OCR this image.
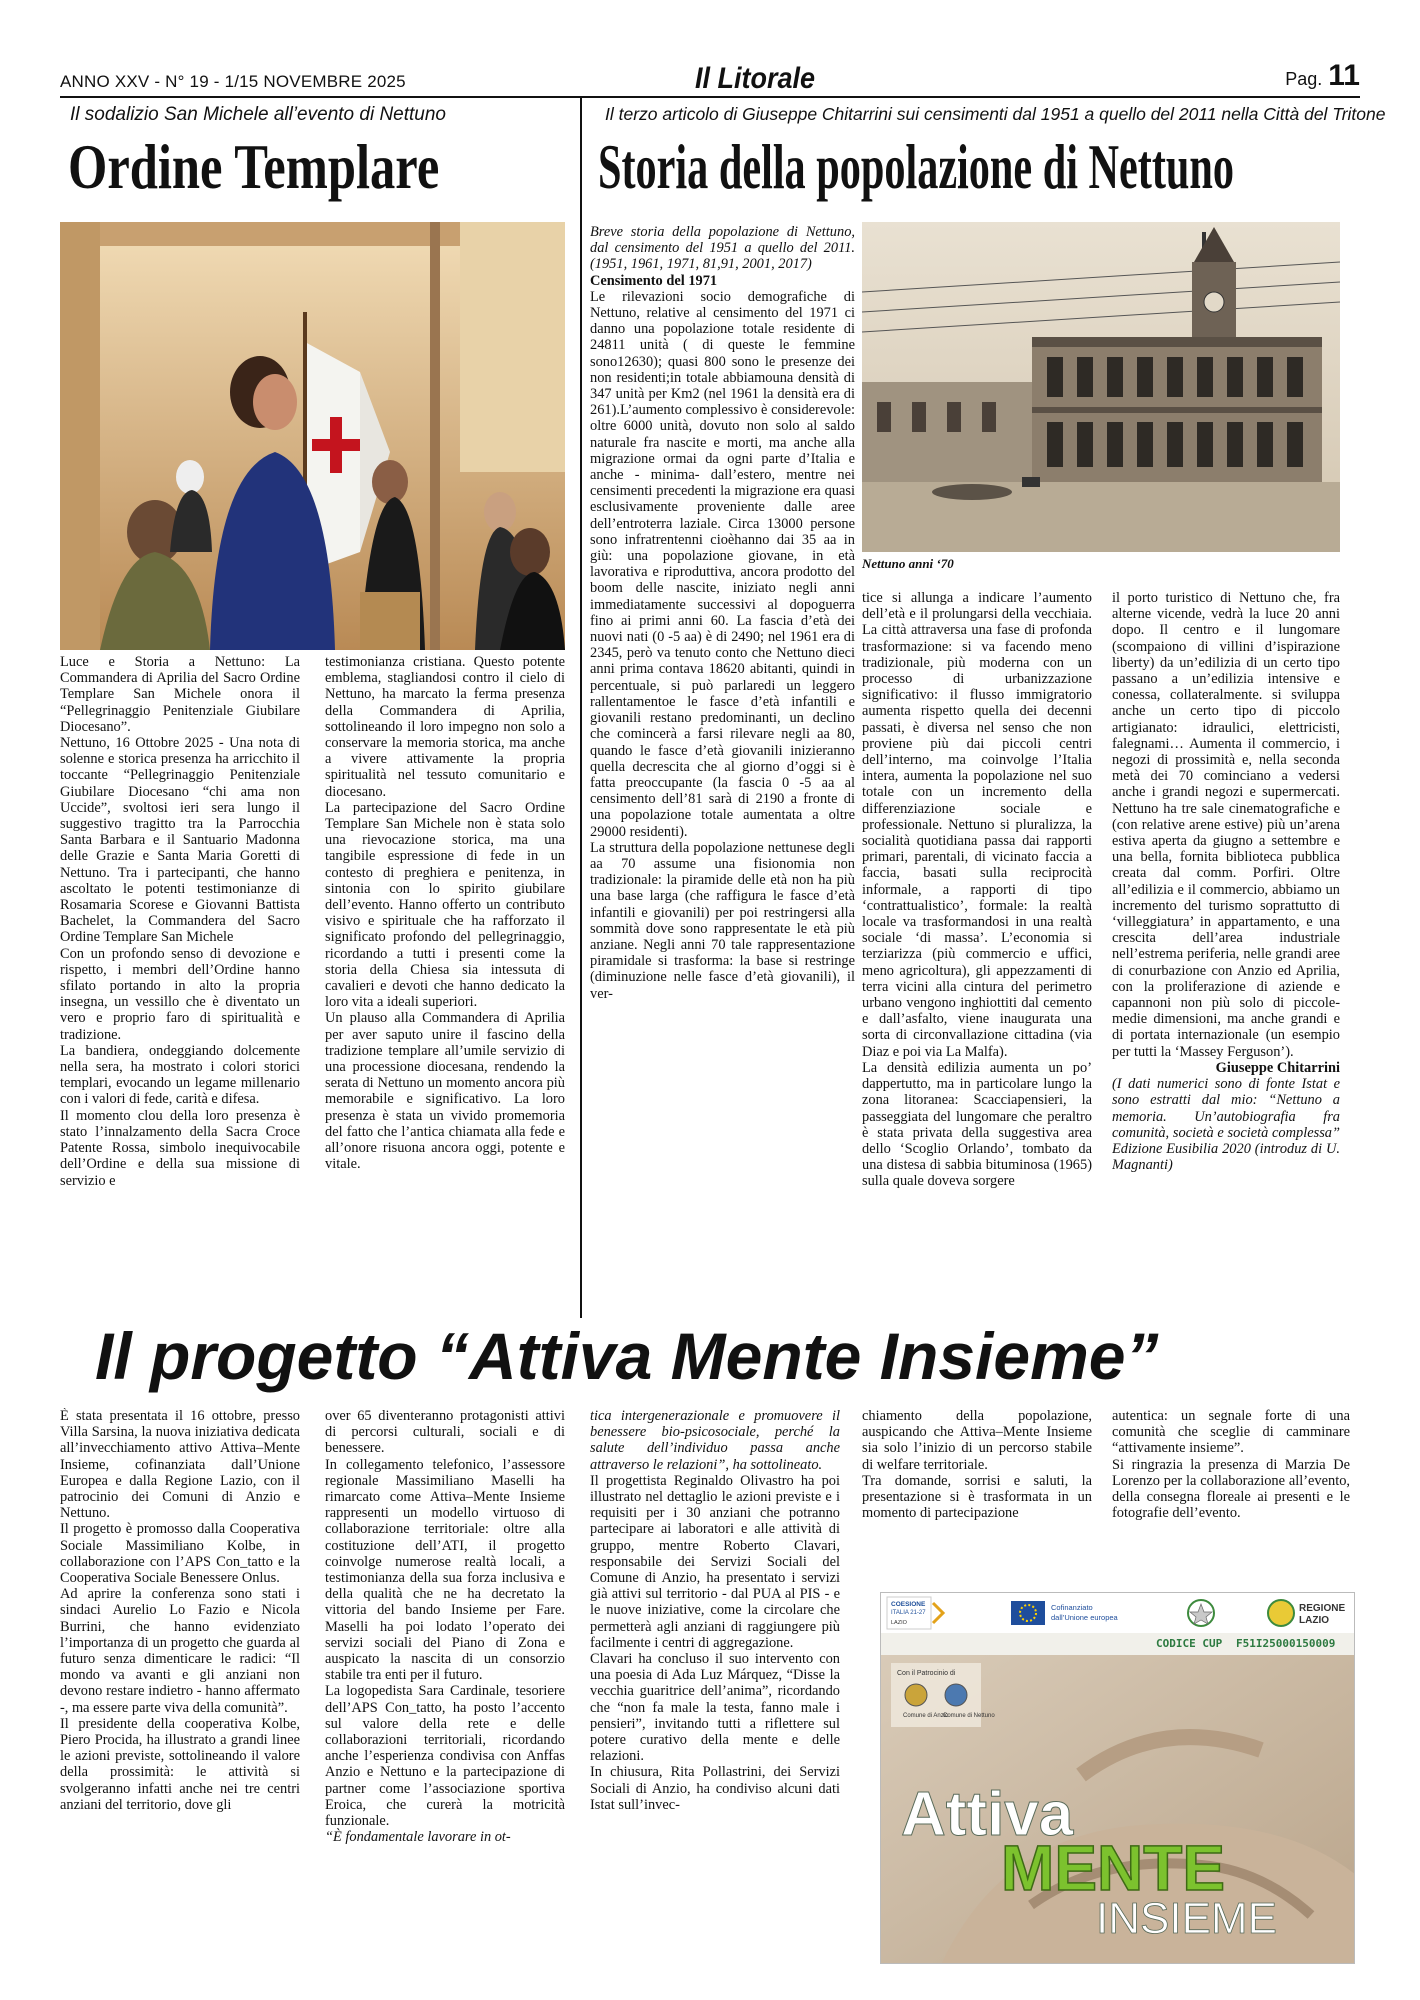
ANNO XXV - N° 19 - 1/15 NOVEMBRE 2025	Il Litorale	Pag. 11
Il sodalizio San Michele all’evento di Nettuno
Ordine Templare

Luce e Storia a Nettuno: La Commandera di Aprilia del Sacro Ordine Templare San Michele onora il “Pellegrinaggio Penitenziale Giubilare Diocesano”.

Nettuno, 16 Ottobre 2025 - Una nota di solenne e storica presenza ha arricchito il toccante “Pellegrinaggio Penitenziale Giubilare Diocesano “chi ama non Uccide”, svoltosi ieri sera lungo il suggestivo tragitto tra la Parrocchia Santa Barbara e il Santuario Madonna delle Grazie e Santa Maria Goretti di Nettuno. Tra i partecipanti, che hanno ascoltato le potenti testimonianze di Rosamaria Scorese e Giovanni Battista Bachelet, la Commandera del Sacro Ordine Templare San Michele

Con un profondo senso di devozione e rispetto, i membri dell’Ordine hanno sfilato portando in alto la propria insegna, un vessillo che è diventato un vero e proprio faro di spiritualità e tradizione.

La bandiera, ondeggiando dolcemente nella sera, ha mostrato i colori storici templari, evocando un legame millenario con i valori di fede, carità e difesa.

Il momento clou della loro presenza è stato l’innalzamento della Sacra Croce Patente Rossa, simbolo inequivocabile dell’Ordine e della sua missione di servizio e

testimonianza cristiana. Questo potente emblema, stagliandosi contro il cielo di Nettuno, ha marcato la ferma presenza della Commandera di Aprilia, sottolineando il loro impegno non solo a conservare la memoria storica, ma anche a vivere attivamente la propria spiritualità nel tessuto comunitario e diocesano.

La partecipazione del Sacro Ordine Templare San Michele non è stata solo una rievocazione storica, ma una tangibile espressione di fede in un contesto di preghiera e penitenza, in sintonia con lo spirito giubilare dell’evento. Hanno offerto un contributo visivo e spirituale che ha rafforzato il significato profondo del pellegrinaggio, ricordando a tutti i presenti come la storia della Chiesa sia intessuta di cavalieri e devoti che hanno dedicato la loro vita a ideali superiori.

Un plauso alla Commandera di Aprilia per aver saputo unire il fascino della tradizione templare all’umile servizio di una processione diocesana, rendendo la serata di Nettuno un momento ancora più memorabile e significativo. La loro presenza è stata un vivido promemoria del fatto che l’antica chiamata alla fede e all’onore risuona ancora oggi, potente e vitale.

Il terzo articolo di Giuseppe Chitarrini sui censimenti dal 1951 a quello del 2011 nella Città del Tritone
Storia della popolazione di Nettuno

Breve storia della popolazione di Nettuno, dal censimento del 1951 a quello del 2011. (1951, 1961, 1971, 81,91, 2001, 2017)

Censimento del 1971

Le rilevazioni socio demografiche di Nettuno, relative al censimento del 1971 ci danno una popolazione totale residente di 24811 unità ( di queste le femmine sono12630); quasi 800 sono le presenze dei non residenti;in totale abbiamouna densità di 347 unità per Km2 (nel 1961 la densità era di 261).L’aumento complessivo è considerevole: oltre 6000 unità, dovuto non solo al saldo naturale fra nascite e morti, ma anche alla migrazione ormai da ogni parte d’Italia e anche - minima- dall’estero, mentre nei censimenti precedenti la migrazione era quasi esclusivamente proveniente dalle aree dell’entroterra laziale. Circa 13000 persone sono infratrentenni cioèhanno dai 35 aa in giù: una popolazione giovane, in età lavorativa e riproduttiva, ancora prodotto del boom delle nascite, iniziato negli anni immediatamente successivi al dopoguerra fino ai primi anni 60. La fascia d’età dei nuovi nati (0 -5 aa) è di 2490; nel 1961 era di 2345, però va tenuto conto che Nettuno dieci anni prima contava 18620 abitanti, quindi in percentuale, si può parlaredi un leggero rallentamentoe le fasce d’età infantili e giovanili restano predominanti, un declino che comincerà a farsi rilevare negli aa 80, quando le fasce d’età giovanili inizieranno quella decrescita che al giorno d’oggi si è fatta preoccupante (la fascia 0 -5 aa al censimento dell’81 sarà di 2190 a fronte di una popolazione totale aumentata a oltre 29000 residenti).

La struttura della popolazione nettunese degli aa 70 assume una fisionomia non tradizionale: la piramide delle età non ha più una base larga (che raffigura le fasce d’età infantili e giovanili) per poi restringersi alla sommità dove sono rappresentate le età più anziane. Negli anni 70 tale rappresentazione piramidale si trasforma: la base si restringe (diminuzione nelle fasce d’età giovanili), il ver-

Nettuno anni ‘70

tice si allunga a indicare l’aumento dell’età e il prolungarsi della vecchiaia. La città attraversa una fase di profonda trasformazione: si va facendo meno tradizionale, più moderna con un processo di urbanizzazione significativo: il flusso immigratorio aumenta rispetto quella dei decenni passati, è diversa nel senso che non proviene più dai piccoli centri dell’interno, ma coinvolge l’Italia intera, aumenta la popolazione nel suo totale con un incremento della differenziazione sociale e professionale. Nettuno si pluralizza, la socialità quotidiana passa dai rapporti primari, parentali, di vicinato faccia a faccia, basati sulla reciprocità informale, a rapporti di tipo ‘contrattualistico’, formale: la realtà locale va trasformandosi in una realtà sociale ‘di massa’. L’economia si terziarizza (più commercio e uffici, meno agricoltura), gli appezzamenti di terra vicini alla cintura del perimetro urbano vengono inghiottiti dal cemento e dall’asfalto, viene inaugurata una sorta di circonvallazione cittadina (via Diaz e poi via La Malfa).

La densità edilizia aumenta un po’ dappertutto, ma in particolare lungo la zona litoranea: Scacciapensieri, la passeggiata del lungomare che peraltro è stata privata della suggestiva area dello ‘Scoglio Orlando’, tombato da una distesa di sabbia bituminosa (1965) sulla quale doveva sorgere

il porto turistico di Nettuno che, fra alterne vicende, vedrà la luce 20 anni dopo. Il centro e il lungomare (scompaiono di villini d’ispirazione liberty) da un’edilizia di un certo tipo passano a un’edilizia intensive e conessa, collateralmente. si sviluppa anche un certo tipo di piccolo artigianato: idraulici, elettricisti, falegnami… Aumenta il commercio, i negozi di prossimità e, nella seconda metà dei 70 cominciano a vedersi anche i grandi negozi e supermercati. Nettuno ha tre sale cinematografiche e (con relative arene estive) più un’arena estiva aperta da giugno a settembre e una bella, fornita biblioteca pubblica creata dal comm. Porfiri. Oltre all’edilizia e il commercio, abbiamo un incremento del turismo soprattutto di ‘villeggiatura’ in appartamento, e una crescita dell’area industriale nell’estrema periferia, nelle grandi aree di conurbazione con Anzio ed Aprilia, con la proliferazione di aziende e capannoni non più solo di piccole-medie dimensioni, ma anche grandi e di portata internazionale (un esempio per tutti la ‘Massey Ferguson’).

Giuseppe Chitarrini

(I dati numerici sono di fonte Istat e sono estratti dal mio: “Nettuno a memoria. Un’autobiografia fra comunità, società e società complessa” Edizione Eusibilia 2020 (introduz di U. Magnanti)

Il progetto “Attiva Mente Insieme”

È stata presentata il 16 ottobre, presso Villa Sarsina, la nuova iniziativa dedicata all’invecchiamento attivo Attiva–Mente Insieme, cofinanziata dall’Unione Europea e dalla Regione Lazio, con il patrocinio dei Comuni di Anzio e Nettuno.

Il progetto è promosso dalla Cooperativa Sociale Massimiliano Kolbe, in collaborazione con l’APS Con_tatto e la Cooperativa Sociale Benessere Onlus.

Ad aprire la conferenza sono stati i sindaci Aurelio Lo Fazio e Nicola Burrini, che hanno evidenziato l’importanza di un progetto che guarda al futuro senza dimenticare le radici: “Il mondo va avanti e gli anziani non devono restare indietro - hanno affermato -, ma essere parte viva della comunità”.

Il presidente della cooperativa Kolbe, Piero Procida, ha illustrato a grandi linee le azioni previste, sottolineando il valore della prossimità: le attività si svolgeranno infatti anche nei tre centri anziani del territorio, dove gli

over 65 diventeranno protagonisti attivi di percorsi culturali, sociali e di benessere.

In collegamento telefonico, l’assessore regionale Massimiliano Maselli ha rimarcato come Attiva–Mente Insieme rappresenti un modello virtuoso di collaborazione territoriale: oltre alla costituzione dell’ATI, il progetto coinvolge numerose realtà locali, a testimonianza della sua forza inclusiva e della qualità che ne ha decretato la vittoria del bando Insieme per Fare. Maselli ha poi lodato l’operato dei servizi sociali del Piano di Zona e auspicato la nascita di un consorzio stabile tra enti per il futuro.

La logopedista Sara Cardinale, tesoriere dell’APS Con_tatto, ha posto l’accento sul valore della rete e delle collaborazioni territoriali, ricordando anche l’esperienza condivisa con Anffas Anzio e Nettuno e la partecipazione di partner come l’associazione sportiva Eroica, che curerà la motricità funzionale.

“È fondamentale lavorare in ot-

tica intergenerazionale e promuovere il benessere bio-psicosociale, perché la salute dell’individuo passa anche attraverso le relazioni”, ha sottolineato.

Il progettista Reginaldo Olivastro ha poi illustrato nel dettaglio le azioni previste e i requisiti per i 30 anziani che potranno partecipare ai laboratori e alle attività di gruppo, mentre Roberto Clavari, responsabile dei Servizi Sociali del Comune di Anzio, ha presentato i servizi già attivi sul territorio - dal PUA al PIS - e le nuove iniziative, come la circolare che permetterà agli anziani di raggiungere più facilmente i centri di aggregazione.

Clavari ha concluso il suo intervento con una poesia di Ada Luz Márquez, “Disse la vecchia guaritrice dell’anima”, ricordando che “non fa male la testa, fanno male i pensieri”, invitando tutti a riflettere sul potere curativo della mente e delle relazioni.

In chiusura, Rita Pollastrini, dei Servizi Sociali di Anzio, ha condiviso alcuni dati Istat sull’invec-

chiamento della popolazione, auspicando che Attiva–Mente Insieme sia solo l’inizio di un percorso stabile di welfare territoriale.

Tra domande, sorrisi e saluti, la presentazione si è trasformata in un momento di partecipazione

autentica: un segnale forte di una comunità che sceglie di camminare “attivamente insieme”.

Si ringrazia la presenza di Marzia De Lorenzo per la collaborazione all’evento, della consegna floreale ai presenti e le fotografie dell’evento.

COESIONE
ITALIA 21-27
LAZIO
Cofinanziato
dall’Unione europea
REGIONE
LAZIO
CODICE CUP F51I25000150009
Con il Patrocinio di
Comune di Anzio
Comune di Nettuno
Attiva
MENTE
INSIEME
